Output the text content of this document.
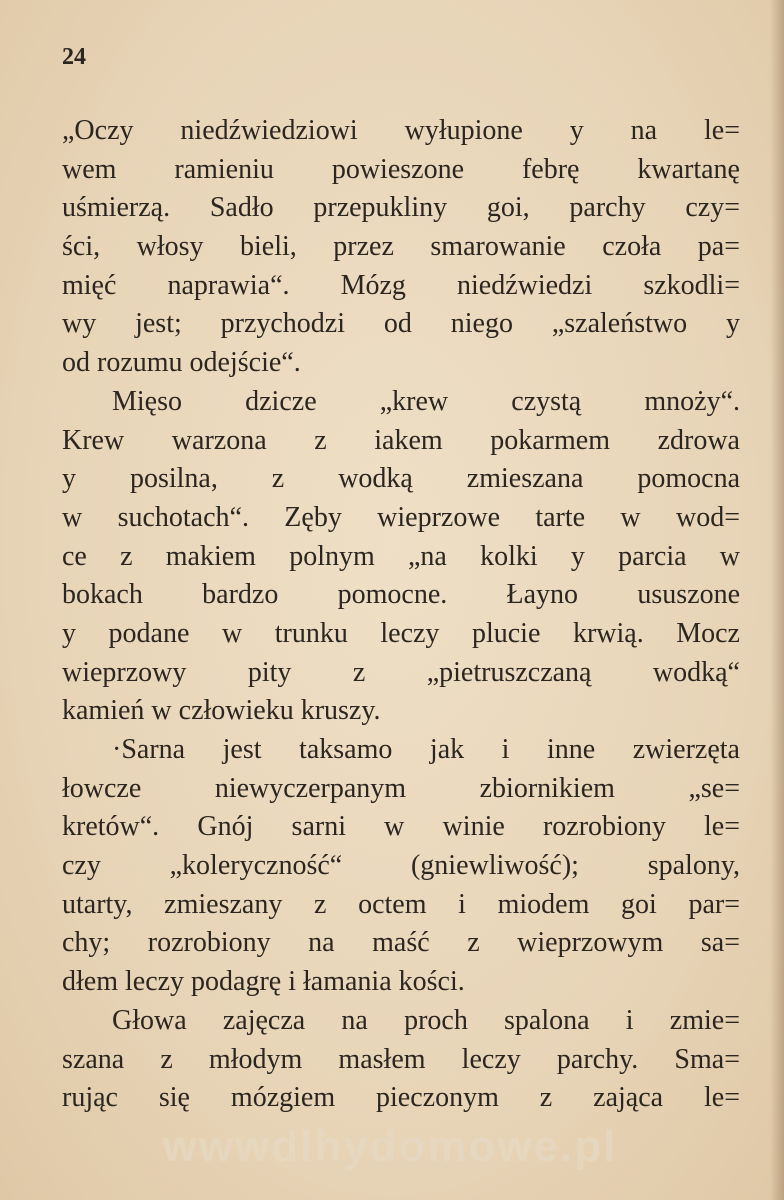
24
„Oczy niedźwiedziowi wyłupione y na le=
wem ramieniu powieszone febrę kwartanę
uśmierzą. Sadło przepukliny goi, parchy czy=
ści, włosy bieli, przez smarowanie czoła pa=
mięć naprawia“. Mózg niedźwiedzi szkodli=
wy jest; przychodzi od niego „szaleństwo y
od rozumu odejście“.
Mięso dzicze „krew czystą mnoży“.
Krew warzona z iakem pokarmem zdrowa
y posilna, z wodką zmieszana pomocna
w suchotach“. Zęby wieprzowe tarte w wod=
ce z makiem polnym „na kolki y parcia w
bokach bardzo pomocne. Łayno ususzone
y podane w trunku leczy plucie krwią. Mocz
wieprzowy pity z „pietruszczaną wodką“
kamień w człowieku kruszy.
·Sarna jest taksamo jak i inne zwierzęta
łowcze niewyczerpanym zbiornikiem „se=
kretów“. Gnój sarni w winie rozrobiony le=
czy „koleryczność“ (gniewliwość); spalony,
utarty, zmieszany z octem i miodem goi par=
chy; rozrobiony na maść z wieprzowym sa=
dłem leczy podagrę i łamania kości.
Głowa zajęcza na proch spalona i zmie=
szana z młodym masłem leczy parchy. Sma=
rując się mózgiem pieczonym z zająca le=
wwwdlhydomowe.pl
